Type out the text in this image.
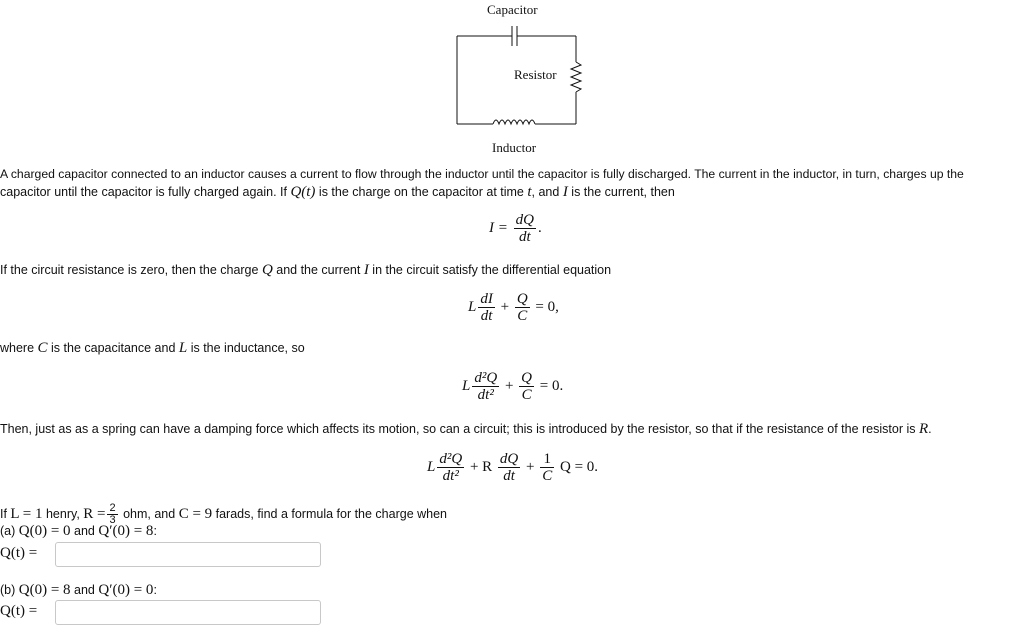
Capacitor
Resistor
Inductor
A charged capacitor connected to an inductor causes a current to flow through the inductor until the capacitor is fully discharged. The current in the inductor, in turn, charges up the
capacitor until the capacitor is fully charged again. If Q(t) is the charge on the capacitor at time t, and I is the current, then
$I = \frac{dQ}{dt}$ .
If the circuit resistance is zero, then the charge Q and the current I in the circuit satisfy the differential equation
L $\frac{dI}{dt} + \frac{Q}{C} = 0$,
where C is the capacitance and L is the inductance, so
L $\frac{\text{d²Q}}{\text{dt²}} + \frac{Q}{C} = 0$.
Then, just as as a spring can have a damping force which affects its motion, so can a circuit; this is introduced by the resistor, so that if the resistance of the resistor is R.
L $\frac{\text{d²Q}}{\text{dt²}} + R \frac{dQ}{dt} + \frac{1}{C}$ Q = 0.
If L = 1 henry, $R = \frac{2}{3}$ ohm, and C = 9 farads, find a formula for the charge when
(a) Q(0) = 0 and Q′(0) = 8:
Q(t) =
(b) Q(0) = 8 and Q′(0) = 0:
Q(t) =
